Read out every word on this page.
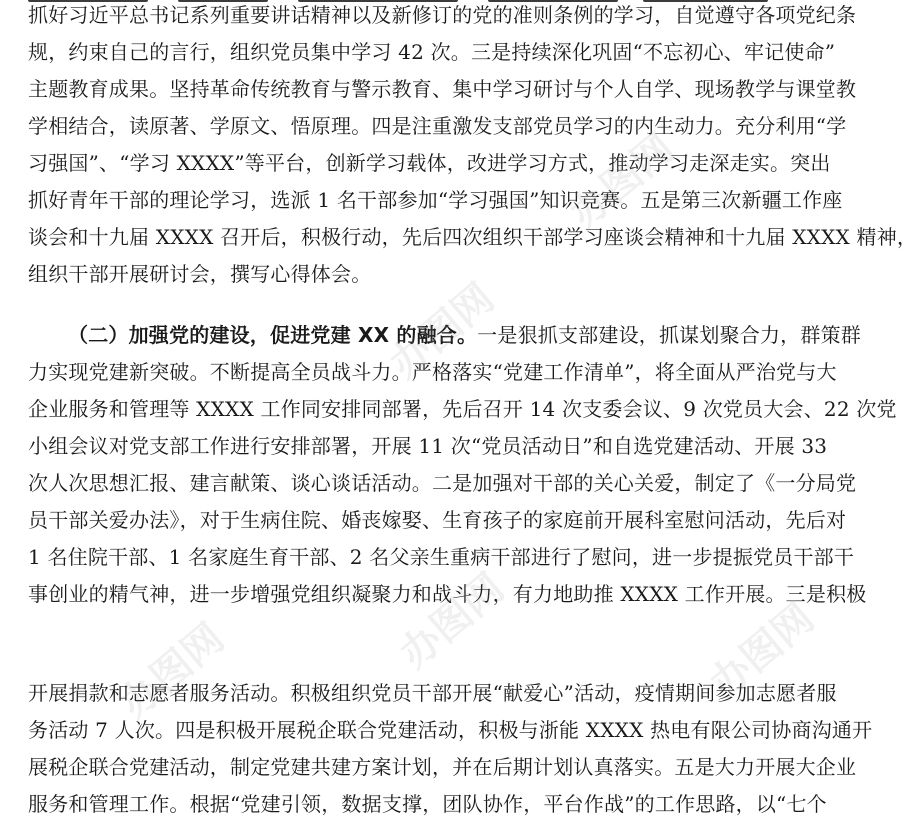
抓好习近平总书记系列重要讲话精神以及新修订的党的准则条例的学习，自觉遵守各项党纪条
规，约束自己的言行，组织党员集中学习 42 次。三是持续深化巩固“不忘初心、牢记使命”
主题教育成果。坚持革命传统教育与警示教育、集中学习研讨与个人自学、现场教学与课堂教
学相结合，读原著、学原文、悟原理。四是注重激发支部党员学习的内生动力。充分利用“学
习强国”、“学习 XXXX”等平台，创新学习载体，改进学习方式，推动学习走深走实。突出
抓好青年干部的理论学习，选派 1 名干部参加“学习强国”知识竞赛。五是第三次新疆工作座
谈会和十九届 XXXX 召开后，积极行动，先后四次组织干部学习座谈会精神和十九届 XXXX 精神，
组织干部开展研讨会，撰写心得体会。
（二）加强党的建设，促进党建 XX 的融合。一是狠抓支部建设，抓谋划聚合力，群策群
力实现党建新突破。不断提高全员战斗力。严格落实“党建工作清单”，将全面从严治党与大
企业服务和管理等 XXXX 工作同安排同部署，先后召开 14 次支委会议、9 次党员大会、22 次党
小组会议对党支部工作进行安排部署，开展 11 次“党员活动日”和自选党建活动、开展 33
次人次思想汇报、建言献策、谈心谈话活动。二是加强对干部的关心关爱，制定了《一分局党
员干部关爱办法》，对于生病住院、婚丧嫁娶、生育孩子的家庭前开展科室慰问活动，先后对
1 名住院干部、1 名家庭生育干部、2 名父亲生重病干部进行了慰问，进一步提振党员干部干
事创业的精气神，进一步增强党组织凝聚力和战斗力，有力地助推 XXXX 工作开展。三是积极
开展捐款和志愿者服务活动。积极组织党员干部开展“献爱心”活动，疫情期间参加志愿者服
务活动 7 人次。四是积极开展税企联合党建活动，积极与浙能 XXXX 热电有限公司协商沟通开
展税企联合党建活动，制定党建共建方案计划，并在后期计划认真落实。五是大力开展大企业
服务和管理工作。根据“党建引领，数据支撑，团队协作，平台作战”的工作思路，以“七个
办图网
办图网
